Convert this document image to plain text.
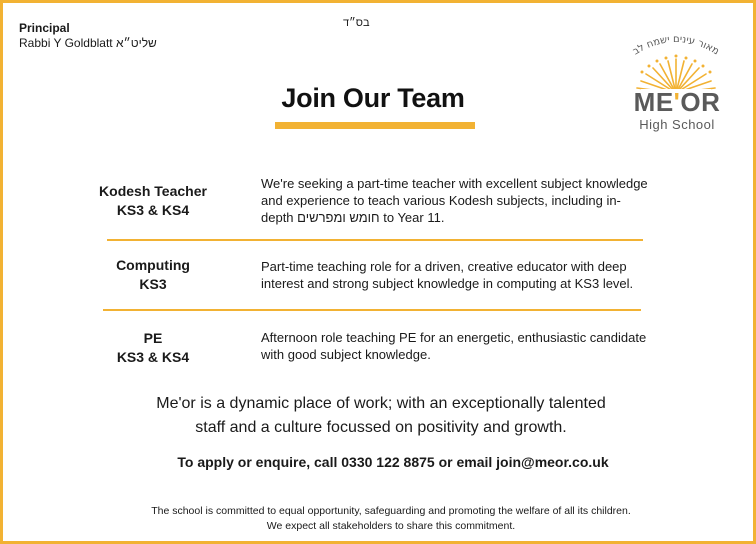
Principal
Rabbi Y Goldblatt שליט״א
בס״ד
Join Our Team
מאור עינים ישמח לב
ME'OR
High School
Kodesh Teacher
KS3 & KS4
We're seeking a part-time teacher with excellent subject knowledge and experience to teach various Kodesh subjects, including in-depth חומש ומפרשים to Year 11.
Computing
KS3
Part-time teaching role for a driven, creative educator with deep interest and strong subject knowledge in computing at KS3 level.
PE
KS3 & KS4
Afternoon role teaching PE for an energetic, enthusiastic candidate with good subject knowledge.
Me'or is a dynamic place of work; with an exceptionally talented
staff and a culture focussed on positivity and growth.
To apply or enquire, call 0330 122 8875 or email join@meor.co.uk
The school is committed to equal opportunity, safeguarding and promoting the welfare of all its children.
We expect all stakeholders to share this commitment.
